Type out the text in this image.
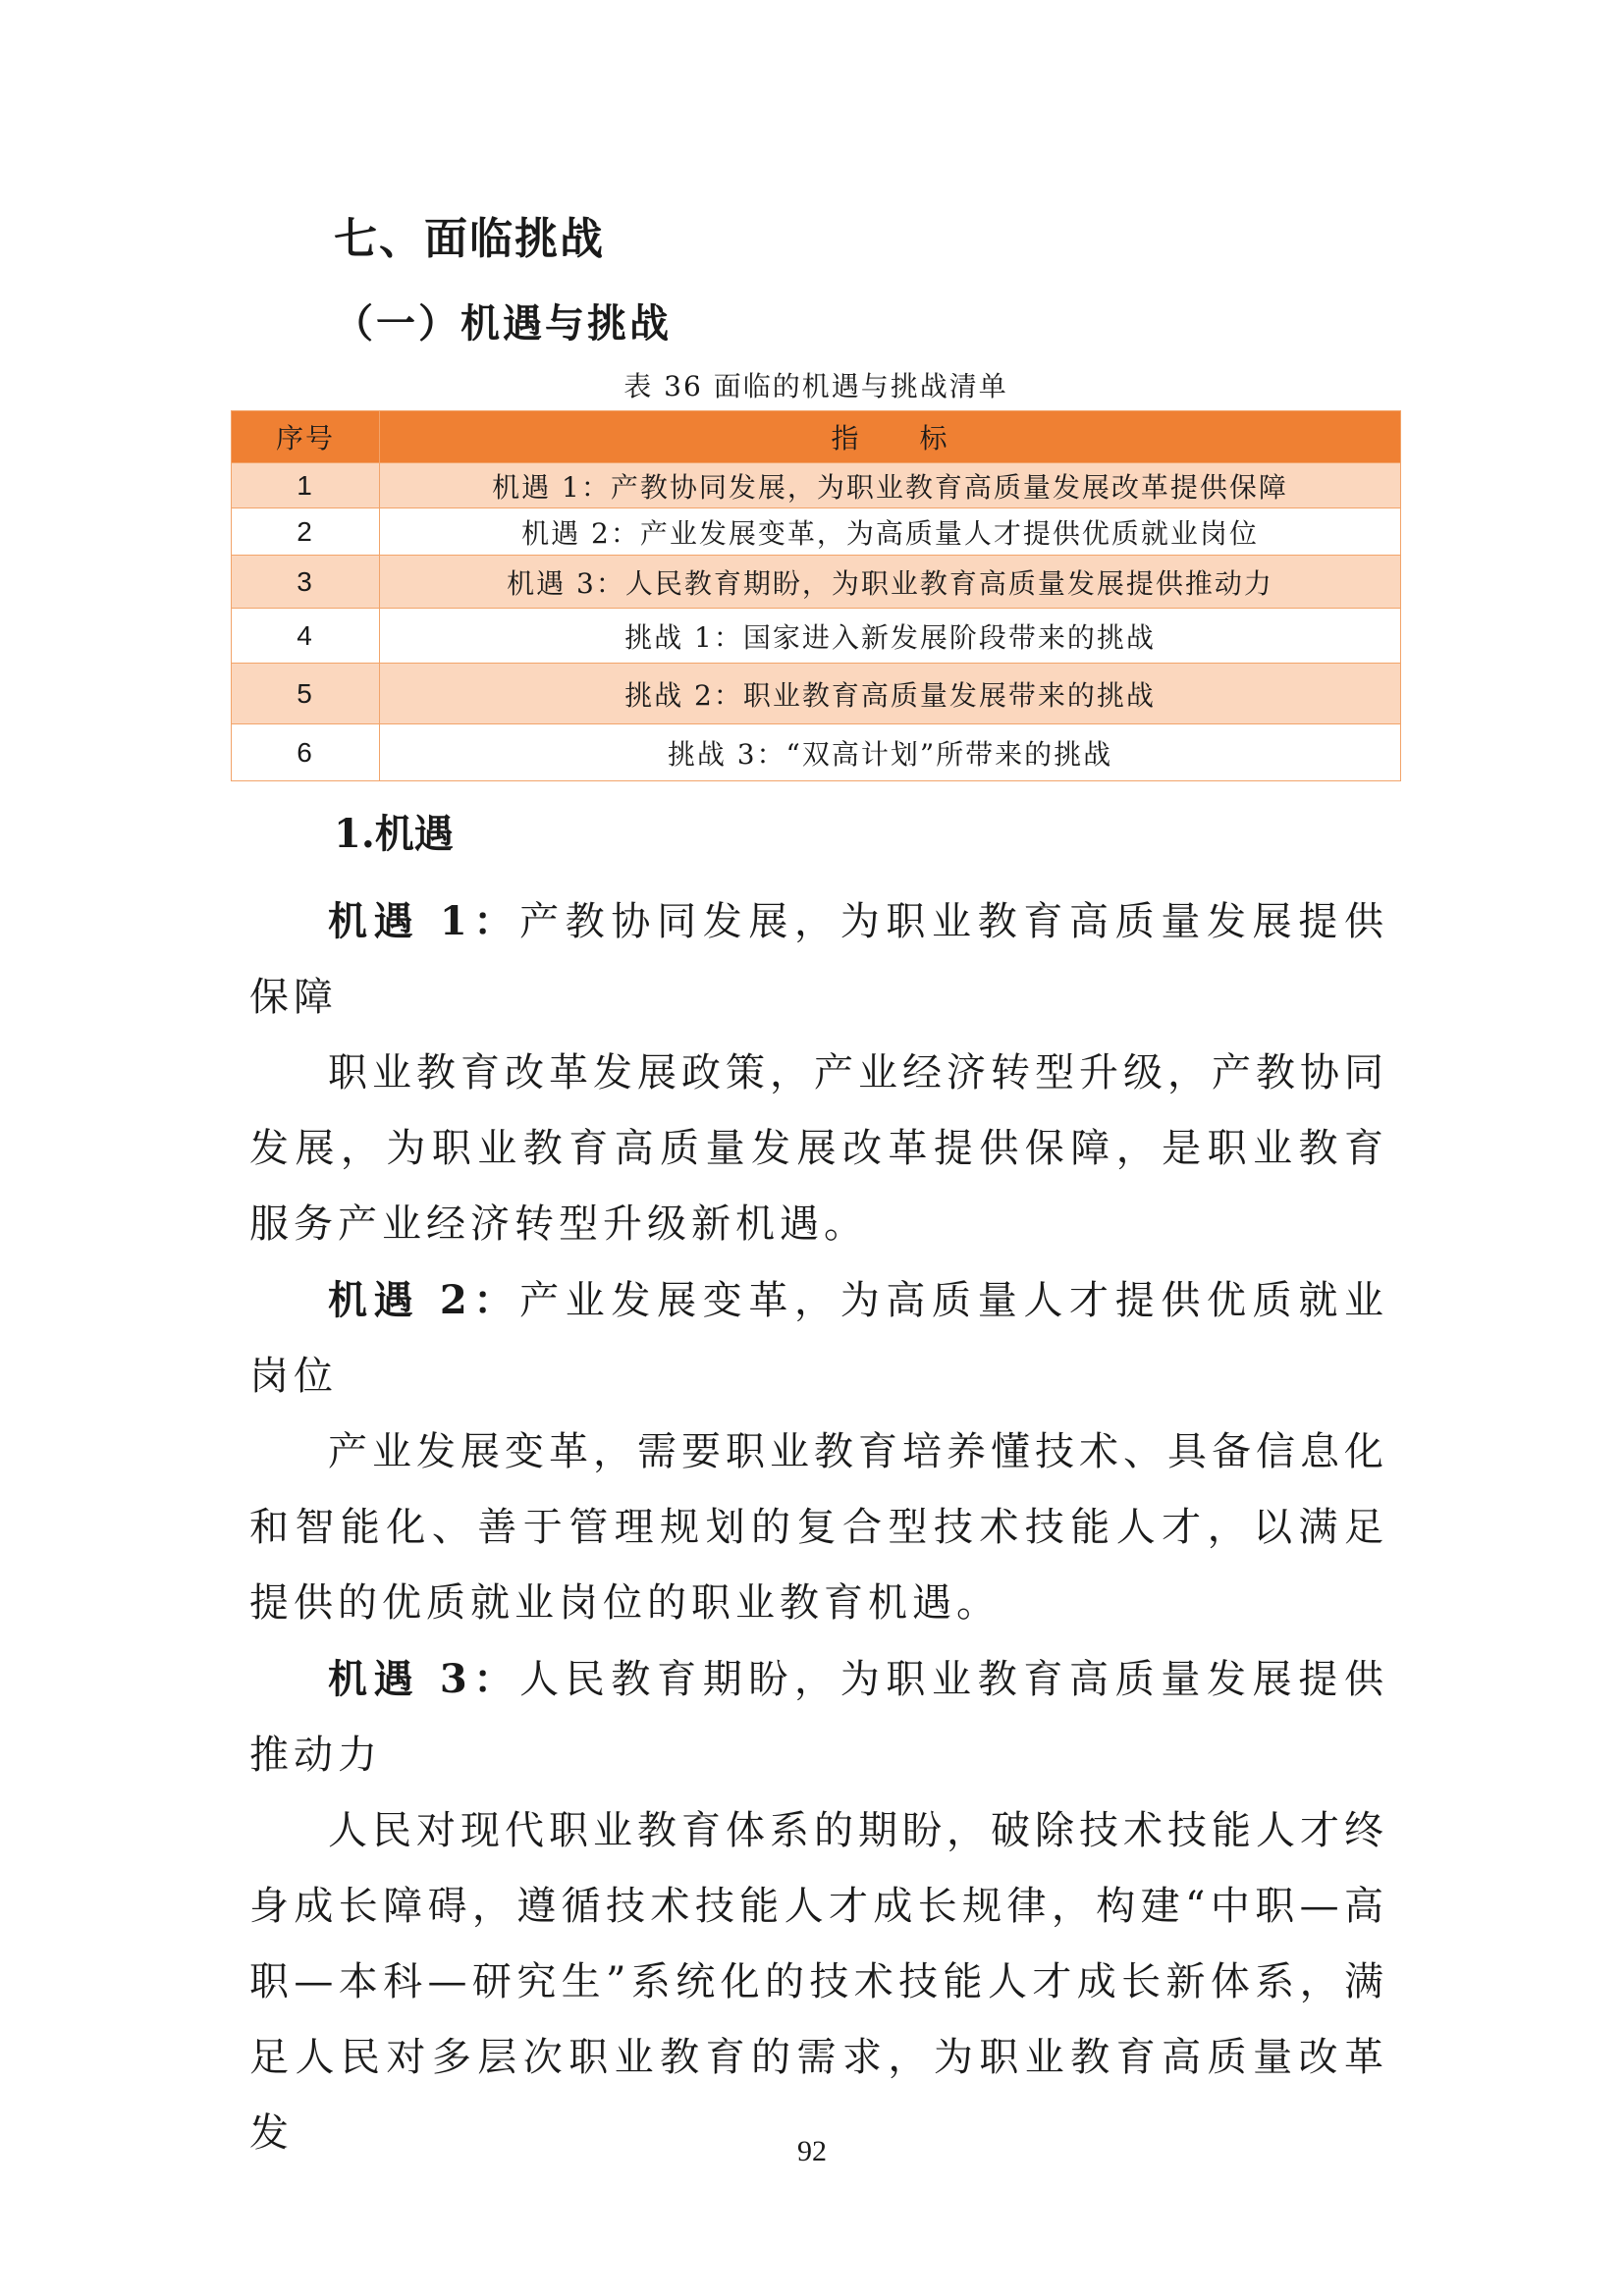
七、面临挑战
（一）机遇与挑战
表 36 面临的机遇与挑战清单
序号	指　　标
1	机遇 1：产教协同发展，为职业教育高质量发展改革提供保障
2	机遇 2：产业发展变革，为高质量人才提供优质就业岗位
3	机遇 3：人民教育期盼，为职业教育高质量发展提供推动力
4	挑战 1：国家进入新发展阶段带来的挑战
5	挑战 2：职业教育高质量发展带来的挑战
6	挑战 3：“双高计划”所带来的挑战
1.机遇

机遇 1：产教协同发展，为职业教育高质量发展提供保障

职业教育改革发展政策，产业经济转型升级，产教协同发展，为职业教育高质量发展改革提供保障，是职业教育服务产业经济转型升级新机遇。

机遇 2：产业发展变革，为高质量人才提供优质就业岗位

产业发展变革，需要职业教育培养懂技术、具备信息化和智能化、善于管理规划的复合型技术技能人才，以满足提供的优质就业岗位的职业教育机遇。

机遇 3：人民教育期盼，为职业教育高质量发展提供推动力

人民对现代职业教育体系的期盼，破除技术技能人才终身成长障碍，遵循技术技能人才成长规律，构建“中职—高职—本科—研究生”系统化的技术技能人才成长新体系，满足人民对多层次职业教育的需求，为职业教育高质量改革发	92
